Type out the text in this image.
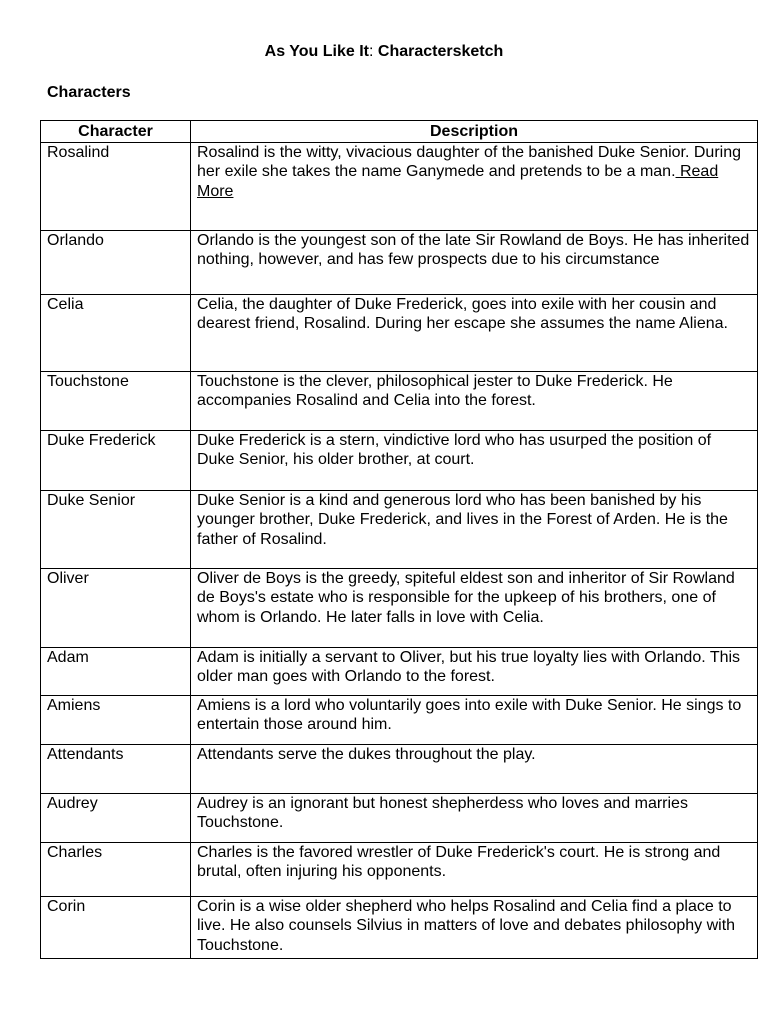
As You Like It: Charactersketch
Characters
Character	Description
Rosalind	Rosalind is the witty, vivacious daughter of the banished Duke Senior. During her exile she takes the name Ganymede and pretends to be a man. Read More
Orlando	Orlando is the youngest son of the late Sir Rowland de Boys. He has inherited nothing, however, and has few prospects due to his circumstance
Celia	Celia, the daughter of Duke Frederick, goes into exile with her cousin and dearest friend, Rosalind. During her escape she assumes the name Aliena.
Touchstone	Touchstone is the clever, philosophical jester to Duke Frederick. He accompanies Rosalind and Celia into the forest.
Duke Frederick	Duke Frederick is a stern, vindictive lord who has usurped the position of Duke Senior, his older brother, at court.
Duke Senior	Duke Senior is a kind and generous lord who has been banished by his younger brother, Duke Frederick, and lives in the Forest of Arden. He is the father of Rosalind.
Oliver	Oliver de Boys is the greedy, spiteful eldest son and inheritor of Sir Rowland de Boys's estate who is responsible for the upkeep of his brothers, one of whom is Orlando. He later falls in love with Celia.
Adam	Adam is initially a servant to Oliver, but his true loyalty lies with Orlando. This older man goes with Orlando to the forest.
Amiens	Amiens is a lord who voluntarily goes into exile with Duke Senior. He sings to entertain those around him.
Attendants	Attendants serve the dukes throughout the play.
Audrey	Audrey is an ignorant but honest shepherdess who loves and marries Touchstone.
Charles	Charles is the favored wrestler of Duke Frederick's court. He is strong and brutal, often injuring his opponents.
Corin	Corin is a wise older shepherd who helps Rosalind and Celia find a place to live. He also counsels Silvius in matters of love and debates philosophy with Touchstone.
